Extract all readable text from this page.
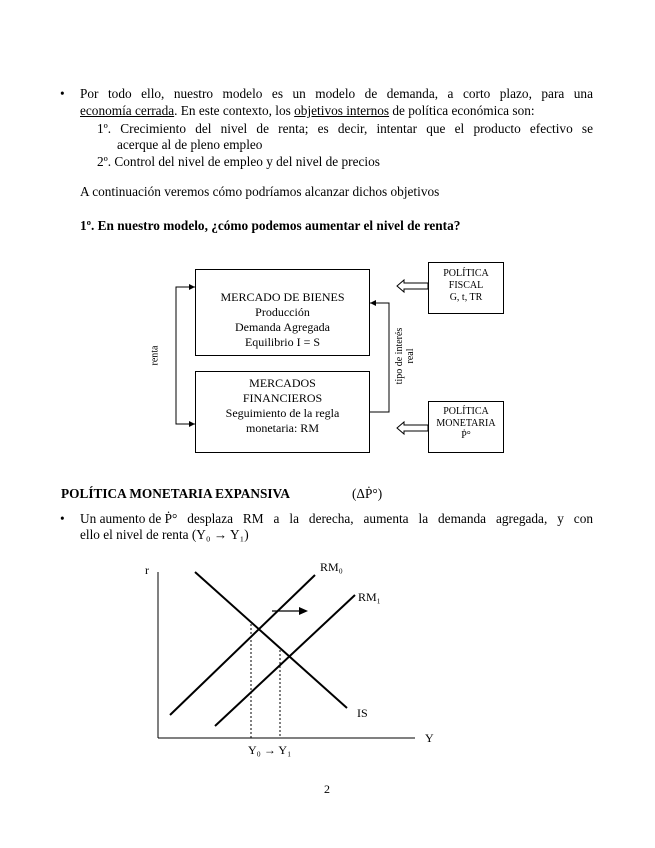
• Por todo ello, nuestro modelo es un modelo de demanda, a corto plazo, para una
economía cerrada. En este contexto, los objetivos internos de política económica son:
1º. Crecimiento del nivel de renta; es decir, intentar que el producto efectivo se
acerque al de pleno empleo
2º. Control del nivel de empleo y del nivel de precios
A continuación veremos cómo podríamos alcanzar dichos objetivos
1º. En nuestro modelo, ¿cómo podemos aumentar el nivel de renta?
MERCADO DE BIENES
Producción
Demanda Agregada
Equilibrio I = S
MERCADOS
FINANCIEROS
Seguimiento de la regla
monetaria: RM
POLÍTICA
FISCAL
G, t, TR
POLÍTICA
MONETARIA
Ṗ°
renta	tipo de interés real
POLÍTICA MONETARIA EXPANSIVA	(ΔṖ°)
• Un aumento de Ṗ° desplaza RM a la derecha, aumenta la demanda agregada, y con
ello el nivel de renta (Y₀ → Y₁)
r
Y
RM₀
RM₁
IS
Y₀ → Y₁
2
